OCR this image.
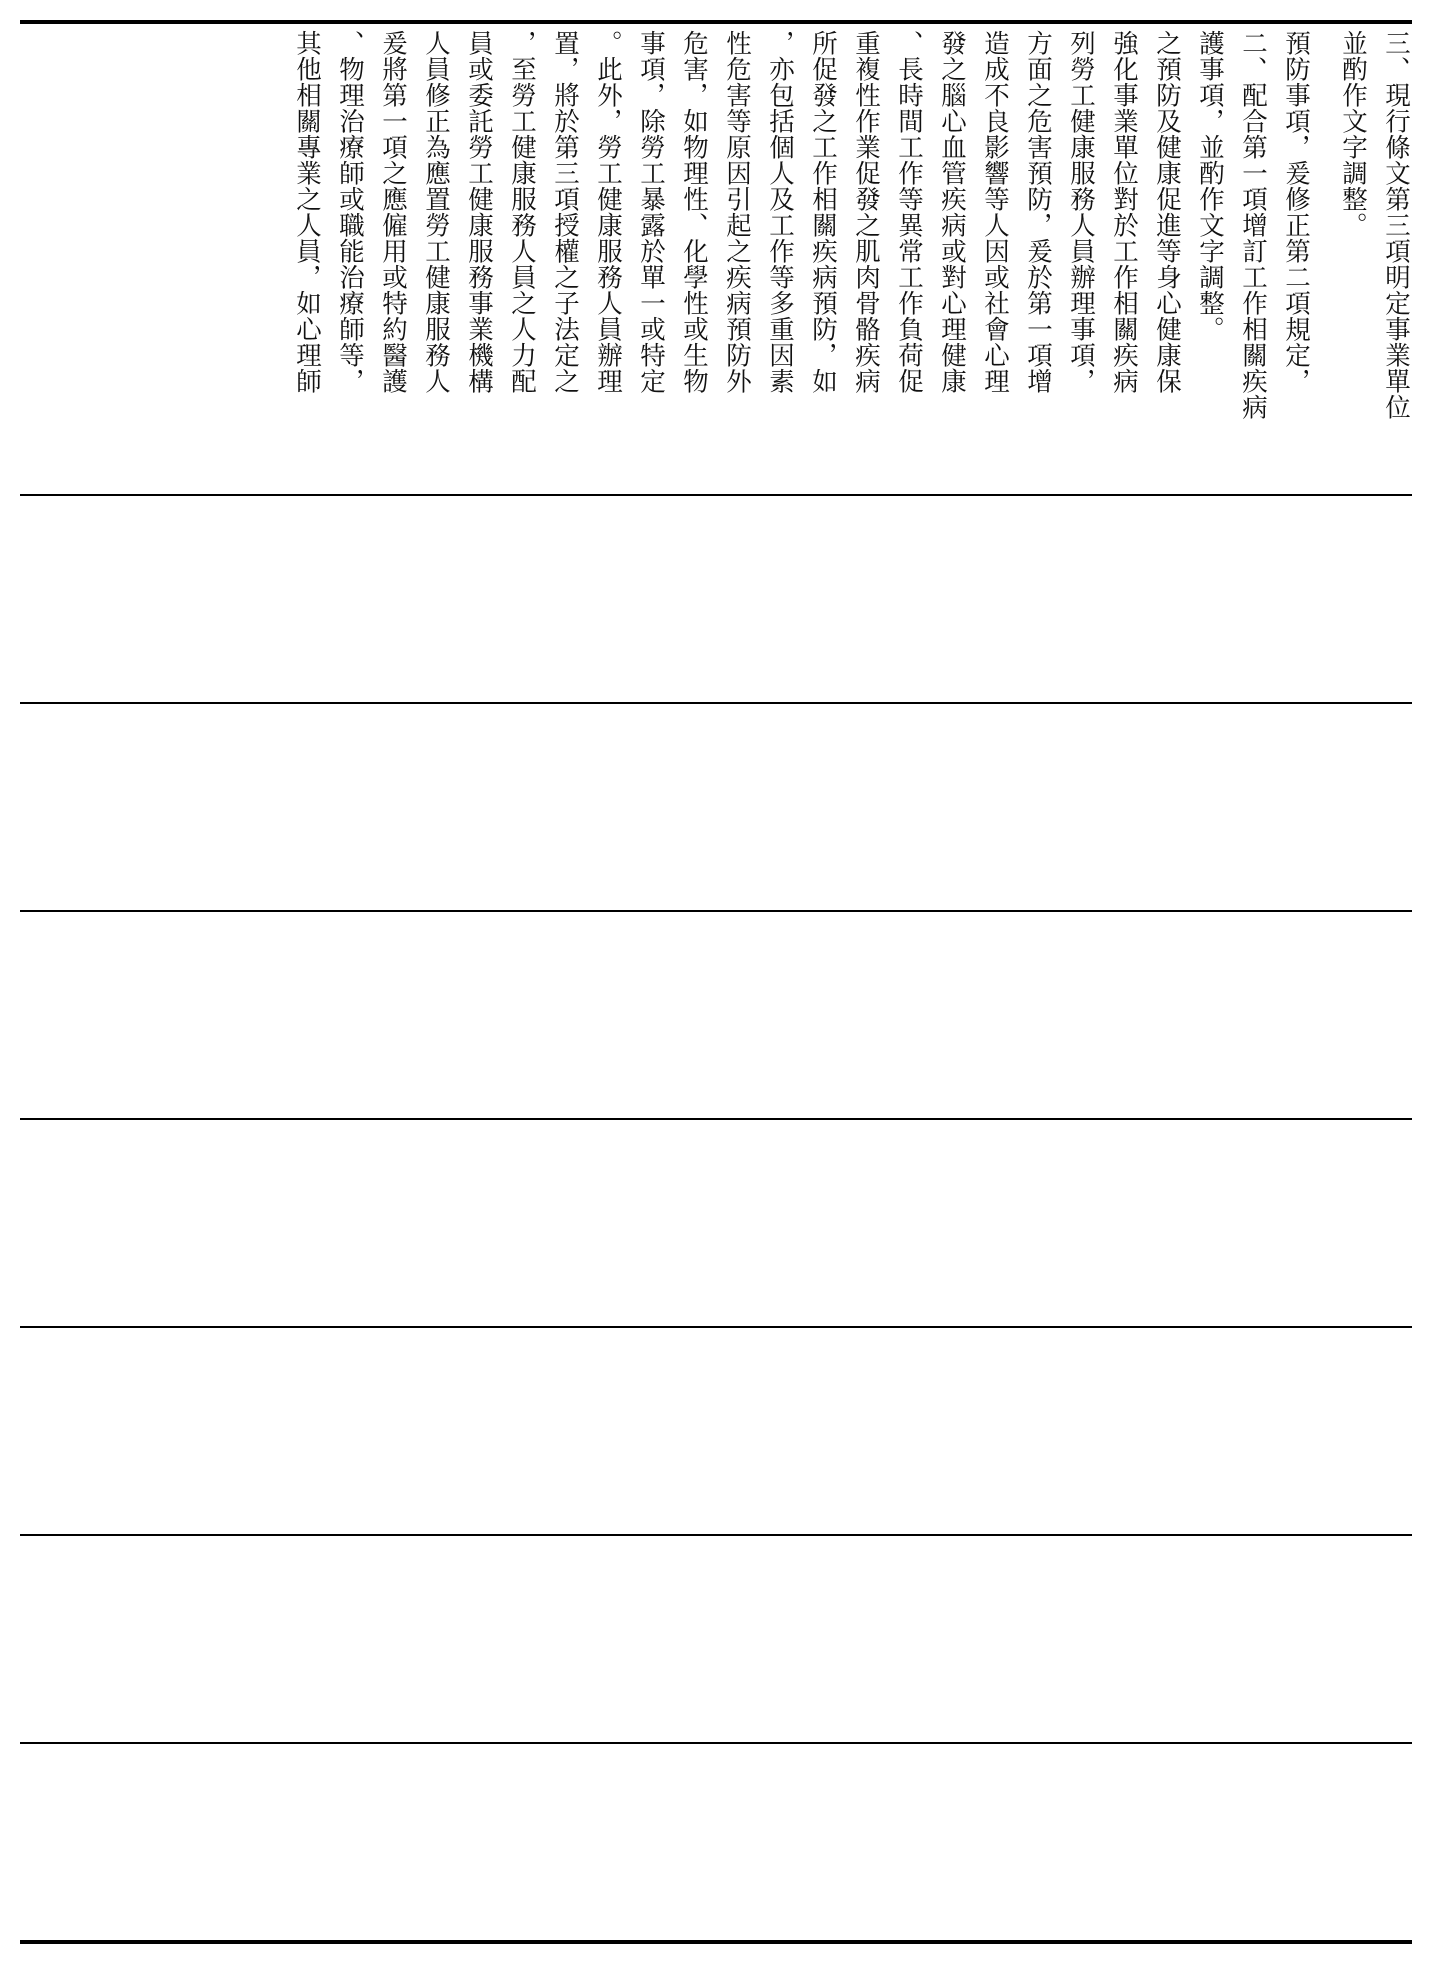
三、現行條文第三項明定事業單位
並酌作文字調整。
預防事項，爰修正第二項規定，
二、配合第一項增訂工作相關疾病
護事項，並酌作文字調整。
之預防及健康促進等身心健康保
強化事業單位對於工作相關疾病
列勞工健康服務人員辦理事項，
方面之危害預防，爰於第一項增
造成不良影響等人因或社會心理
發之腦心血管疾病或對心理健康
、長時間工作等異常工作負荷促
重複性作業促發之肌肉骨骼疾病
所促發之工作相關疾病預防，如
，亦包括個人及工作等多重因素
性危害等原因引起之疾病預防外
危害，如物理性、化學性或生物
事項，除勞工暴露於單一或特定
。此外，勞工健康服務人員辦理
置，將於第三項授權之子法定之
，至勞工健康服務人員之人力配
員或委託勞工健康服務事業機構
人員修正為應置勞工健康服務人
爰將第一項之應僱用或特約醫護
、物理治療師或職能治療師等，
其他相關專業之人員，如心理師
